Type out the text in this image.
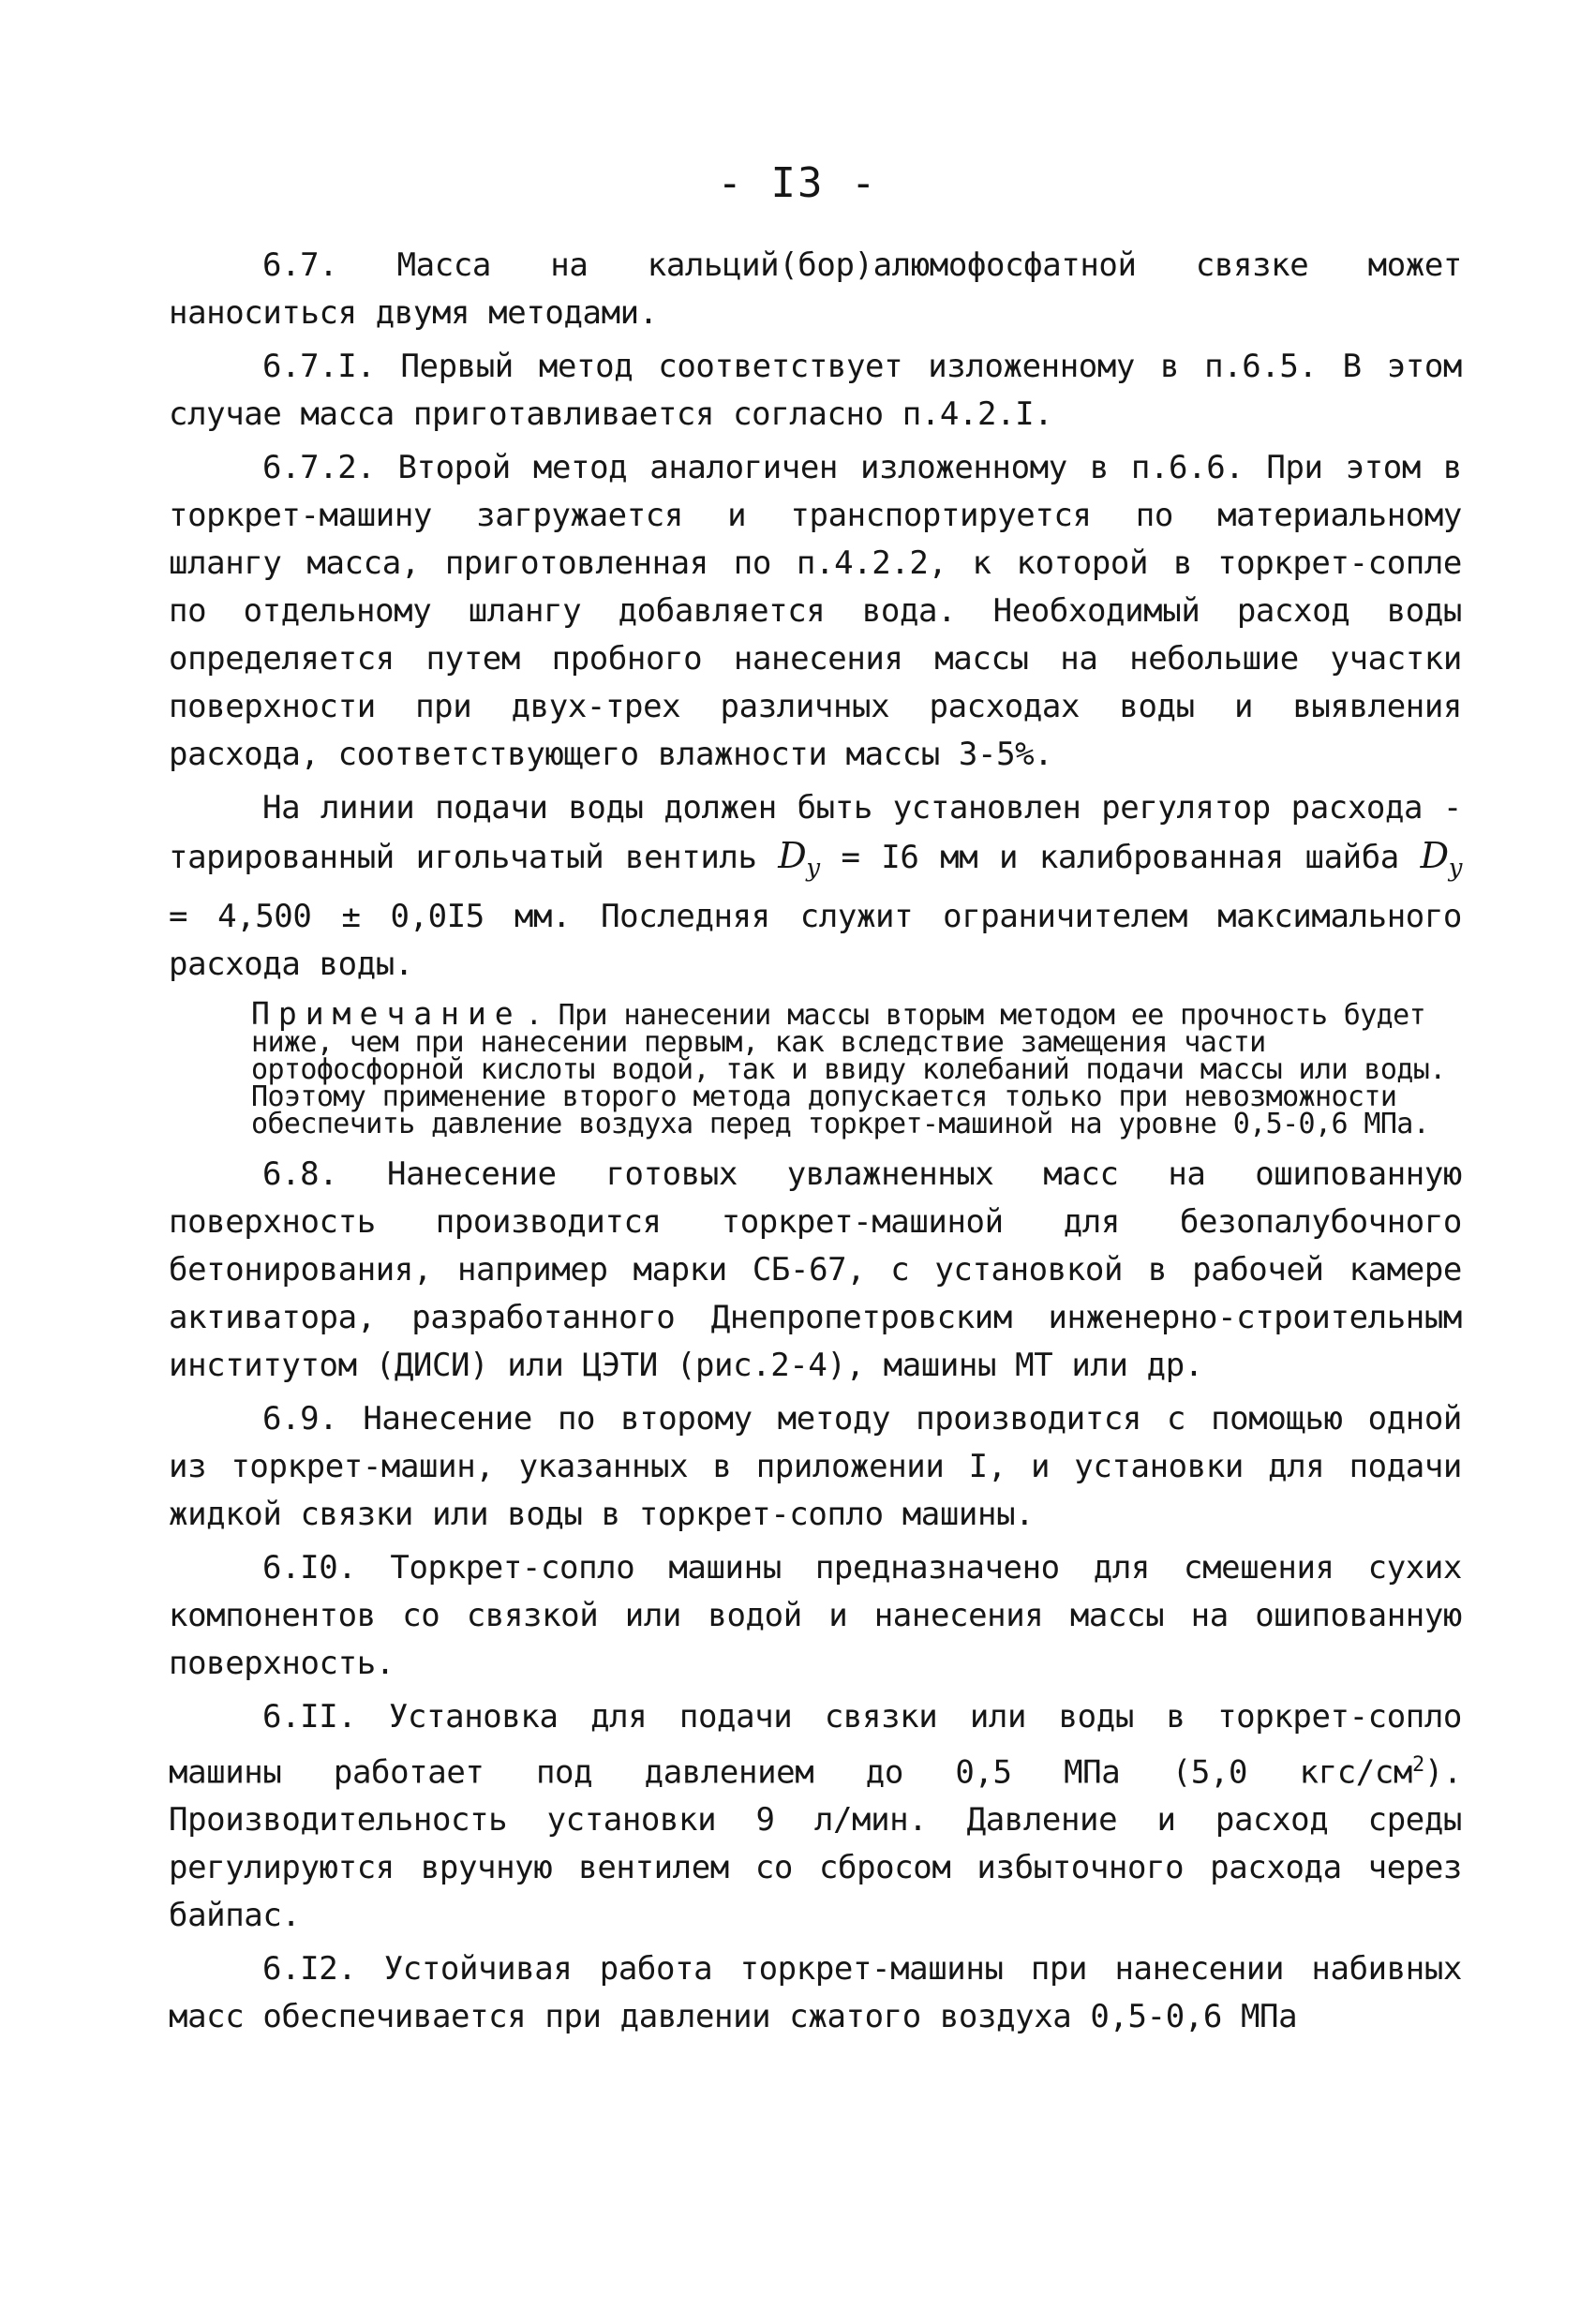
- I3 -

6.7. Масса на кальций(бор)алюмофосфатной связке может наноситься двумя методами.

6.7.I. Первый метод соответствует изложенному в п.6.5. В этом случае масса приготавливается согласно п.4.2.I.

6.7.2. Второй метод аналогичен изложенному в п.6.6. При этом в торкрет-машину загружается и транспортируется по материальному шлангу масса, приготовленная по п.4.2.2, к которой в торкрет-сопле по отдельному шлангу добавляется вода. Необходимый расход воды определяется путем пробного нанесения массы на небольшие участки поверхности при двух-трех различных расходах воды и выявления расхода, соответствующего влажности массы 3-5%.

На линии подачи воды должен быть установлен регулятор расхода - тарированный игольчатый вентиль $D_y = I6$ мм и калиброванная шайба $D_y = 4,500 \pm 0,0I5$ мм. Последняя служит ограничителем максимального расхода воды.

Примечание . При нанесении массы вторым методом ее прочность будет ниже, чем при нанесении первым, как вследствие замещения части ортофосфорной кислоты водой, так и ввиду колебаний подачи массы или воды. Поэтому применение второго метода допускается только при невозможности обеспечить давление воздуха перед торкрет-машиной на уровне 0,5-0,6 МПа.

6.8. Нанесение готовых увлажненных масс на ошипованную поверхность производится торкрет-машиной для безопалубочного бетонирования, например марки СБ-67, с установкой в рабочей камере активатора, разработанного Днепропетровским инженерно-строительным институтом (ДИСИ) или ЦЭТИ (рис.2-4), машины МТ или др.

6.9. Нанесение по второму методу производится с помощью одной из торкрет-машин, указанных в приложении I, и установки для подачи жидкой связки или воды в торкрет-сопло машины.

6.I0. Торкрет-сопло машины предназначено для смешения сухих компонентов со связкой или водой и нанесения массы на ошипованную поверхность.

6.II. Установка для подачи связки или воды в торкрет-сопло машины работает под давлением до 0,5 МПа (5,0 кгс/$см^2$). Производительность установки 9 л/мин. Давление и расход среды регулируются вручную вентилем со сбросом избыточного расхода через байпас.

6.I2. Устойчивая работа торкрет-машины при нанесении набивных масс обеспечивается при давлении сжатого воздуха 0,5-0,6 МПа
